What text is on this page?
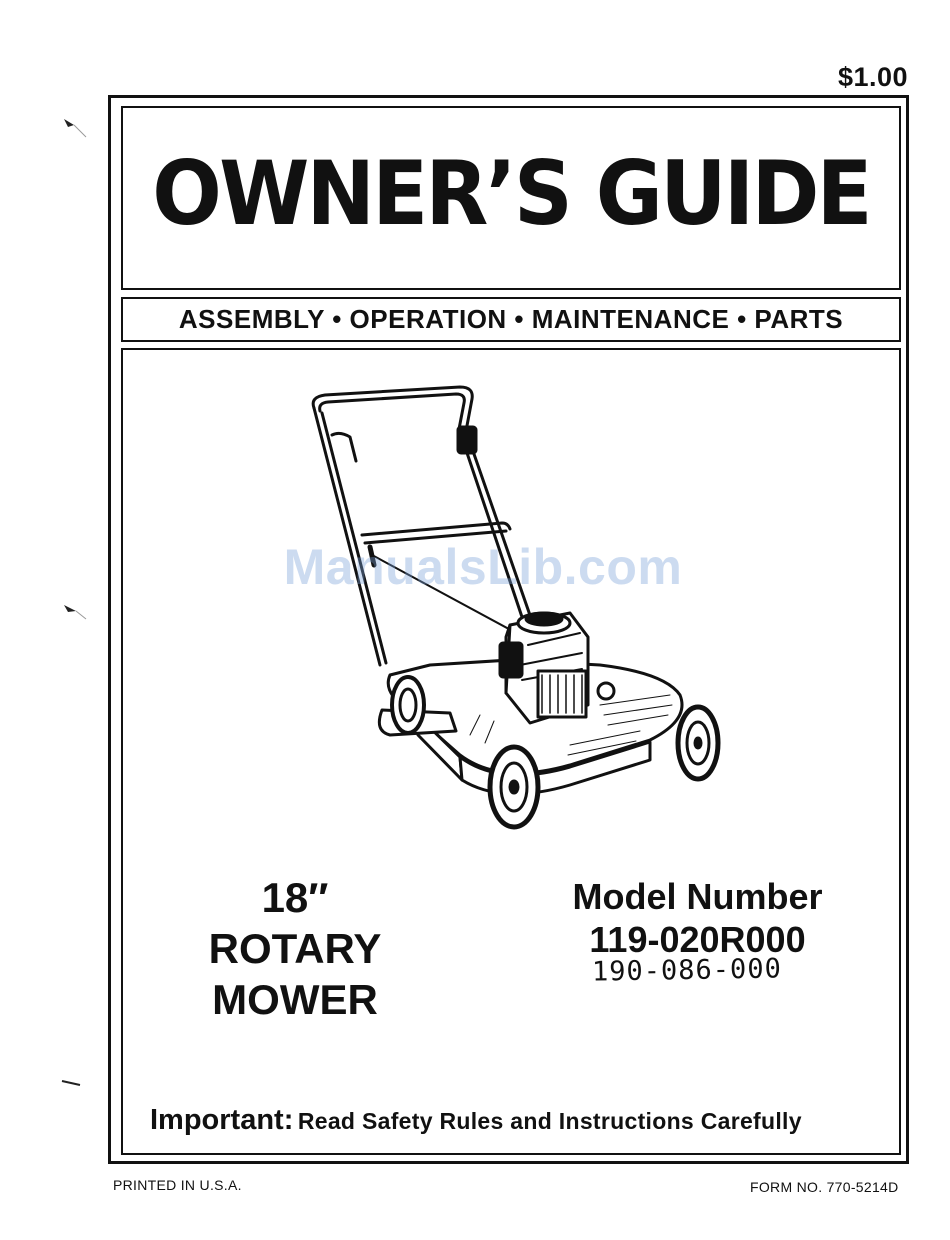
$1.00
OWNER’S GUIDE
ASSEMBLY • OPERATION • MAINTENANCE • PARTS
ManualsLib.com
18″
ROTARY
MOWER
Model Number
119-020R000
190-086-000
Important: Read Safety Rules and Instructions Carefully
PRINTED IN U.S.A.	FORM NO. 770-5214D
